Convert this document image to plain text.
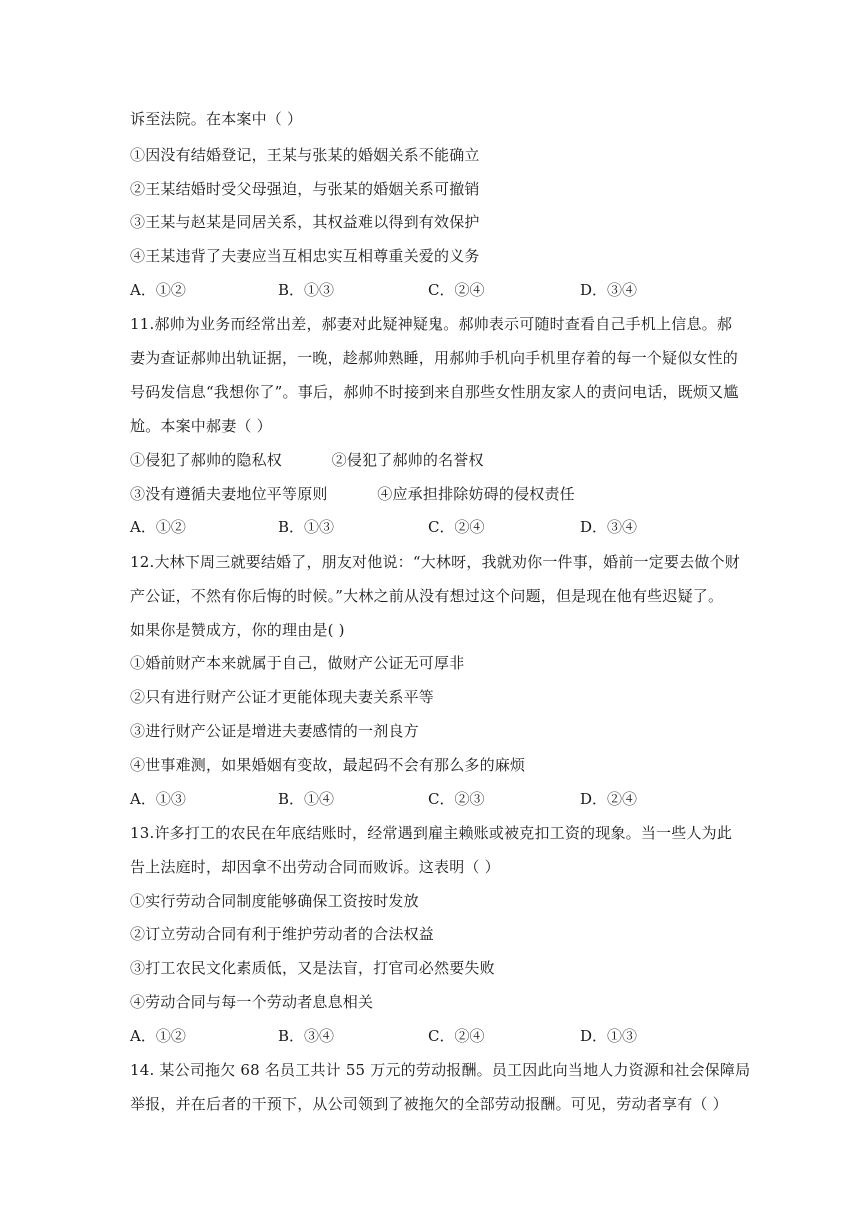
诉至法院。在本案中（ ）
①因没有结婚登记，王某与张某的婚姻关系不能确立
②王某结婚时受父母强迫，与张某的婚姻关系可撤销
③王某与赵某是同居关系，其权益难以得到有效保护
④王某违背了夫妻应当互相忠实互相尊重关爱的义务
A．①②	B．①③	C．②④	D．③④
11.郝帅为业务而经常出差，郝妻对此疑神疑鬼。郝帅表示可随时查看自己手机上信息。郝
妻为查证郝帅出轨证据，一晚，趁郝帅熟睡，用郝帅手机向手机里存着的每一个疑似女性的
号码发信息“我想你了”。事后，郝帅不时接到来自那些女性朋友家人的责问电话，既烦又尴
尬。本案中郝妻（ ）
①侵犯了郝帅的隐私权          ②侵犯了郝帅的名誉权
③没有遵循夫妻地位平等原则          ④应承担排除妨碍的侵权责任
A．①②	B．①③	C．②④	D．③④
12.大林下周三就要结婚了，朋友对他说：“大林呀，我就劝你一件事，婚前一定要去做个财
产公证，不然有你后悔的时候。”大林之前从没有想过这个问题，但是现在他有些迟疑了。
如果你是赞成方，你的理由是( )
①婚前财产本来就属于自己，做财产公证无可厚非
②只有进行财产公证才更能体现夫妻关系平等
③进行财产公证是增进夫妻感情的一剂良方
④世事难测，如果婚姻有变故，最起码不会有那么多的麻烦
A．①③	B．①④	C．②③	D．②④
13.许多打工的农民在年底结账时，经常遇到雇主赖账或被克扣工资的现象。当一些人为此
告上法庭时，却因拿不出劳动合同而败诉。这表明（ ）
①实行劳动合同制度能够确保工资按时发放
②订立劳动合同有利于维护劳动者的合法权益
③打工农民文化素质低，又是法盲，打官司必然要失败
④劳动合同与每一个劳动者息息相关
A．①②	B．③④	C．②④	D．①③
14. 某公司拖欠 68 名员工共计 55 万元的劳动报酬。员工因此向当地人力资源和社会保障局
举报，并在后者的干预下，从公司领到了被拖欠的全部劳动报酬。可见，劳动者享有（ ）
